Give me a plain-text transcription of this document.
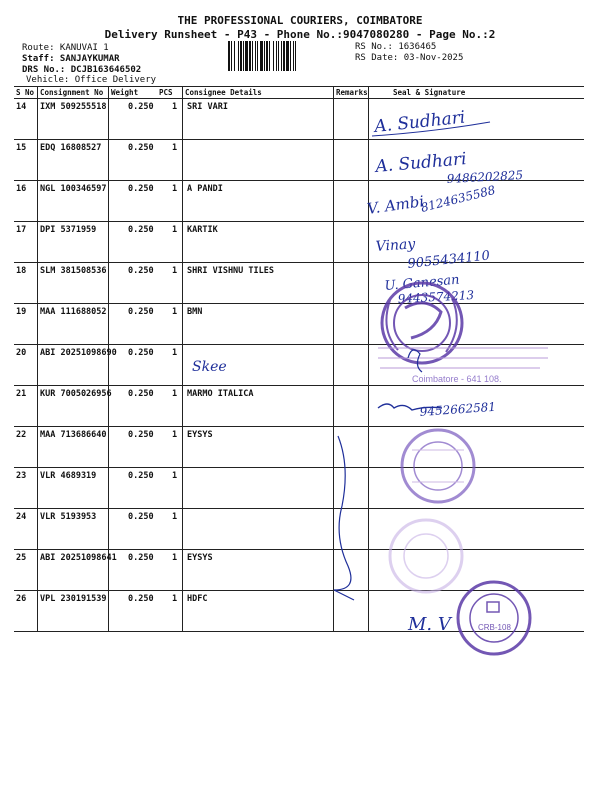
THE PROFESSIONAL COURIERS, COIMBATORE
Delivery Runsheet - P43 - Phone No.:9047080280 - Page No.:2
Route: KANUVAI 1
Staff: SANJAYKUMAR
DRS No.: DCJB163646502
Vehicle: Office Delivery
RS No.: 1636465
RS Date: 03-Nov-2025
S No Consignment No Weight	PCS Consignee Details	Remarks	Seal & Signature
14 IXM 509255518	0.250 1 SRI VARI
15 EDQ 16808527	0.250 1
16 NGL 100346597	0.250 1 A PANDI
17 DPI 5371959	0.250 1 KARTIK
18 SLM 381508536	0.250 1 SHRI VISHNU TILES
19 MAA 111688052	0.250 1 BMN
20 ABI 20251098690 0.250 1
21 KUR 7005026956 0.250 1 MARMO ITALICA
22 MAA 713686640	0.250 1 EYSYS
23 VLR 4689319	0.250 1
24 VLR 5193953	0.250 1
25 ABI 20251098641 0.250 1 EYSYS
26 VPL 230191539	0.250 1 HDFC
A. Sudhari
A. Sudhari
9486202825
V. Ambi
8124635588
Vinay
9055434110
U. Ganesan
9443574213
Coimbatore - 641 108.
Skee
9452662581
M. V	CRB-108
